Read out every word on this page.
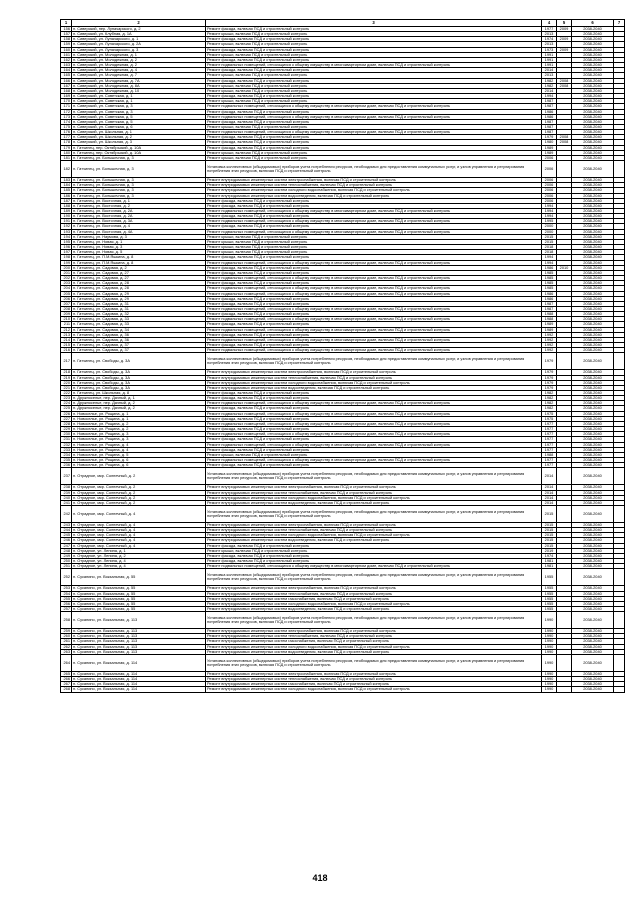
1	2	3	4	5	6	7
156	п. Сиверский, пер. Луначарского, д. 2	Ремонт фасада, включая ПСД и строительный контроль	1977	2009	2038-2040	
157	п. Сиверский, ул. Клубная, д. 1А	Ремонт крыши, включая ПСД и строительный контроль	2013		2038-2040	
158	п. Сиверский, ул. Луначарского, д. 1	Ремонт фасада, включая ПСД и строительный контроль	1974	2009	2038-2040	
159	п. Сиверский, ул. Луначарского, д. 2А	Ремонт крыши, включая ПСД и строительный контроль	2013		2038-2040	
160	п. Сиверский, ул. Луначарского, д. 3	Ремонт фасада, включая ПСД и строительный контроль	1973	2009	2038-2040	
161	п. Сиверский, ул. Молодежная, д. 1	Ремонт крыши, включая ПСД и строительный контроль	1991		2038-2040	
162	п. Сиверский, ул. Молодежная, д. 2	Ремонт фасада, включая ПСД и строительный контроль	1991		2038-2040	
163	п. Сиверский, ул. Молодежная, д. 2	Ремонт подвальных помещений, относящихся к общему имуществу в многоквартирном доме, включая ПСД и строительный контроль	1991		2038-2040	
164	п. Сиверский, ул. Молодежная, д. 4	Ремонт фасада, включая ПСД и строительный контроль	2014		2038-2040	
165	п. Сиверский, ул. Молодежная, д. 7	Ремонт крыши, включая ПСД и строительный контроль	2013		2038-2040	
166	п. Сиверский, ул. Молодежная, д. 7А	Ремонт фасада, включая ПСД и строительный контроль	1982	2008	2038-2040	
167	п. Сиверский, ул. Молодежная, д. 8А	Ремонт крыши, включая ПСД и строительный контроль	1982	2008	2038-2040	
168	п. Сиверский, ул. Молодежная, д. 10	Ремонт крыши, включая ПСД и строительный контроль	2014		2038-2040	
169	п. Сиверский, ул. Советская, д. 1	Ремонт фасада, включая ПСД и строительный контроль	1994		2038-2040	
170	п. Сиверский, ул. Советская, д. 1	Ремонт крыши, включая ПСД и строительный контроль	1987		2038-2040	
171	п. Сиверский, ул. Советская, д. 3	Ремонт подвальных помещений, относящихся к общему имуществу в многоквартирном доме, включая ПСД и строительный контроль	1987		2038-2040	
172	п. Сиверский, ул. Советская, д. 3	Ремонт фасада, включая ПСД и строительный контроль	1986		2038-2040	
173	п. Сиверский, ул. Советская, д. 5	Ремонт подвальных помещений, относящихся к общему имуществу в многоквартирном доме, включая ПСД и строительный контроль	1986		2038-2040	
174	п. Сиверский, ул. Советская, д. 5	Ремонт фасада, включая ПСД и строительный контроль	1987		2038-2040	
175	п. Сиверский, ул. Советская, д. 6	Ремонт крыши, включая ПСД и строительный контроль	1987		2038-2040	
176	п. Сиверский, ул. Школьная, д. 1	Ремонт подвальных помещений, относящихся к общему имуществу в многоквартирном доме, включая ПСД и строительный контроль	1987		2038-2040	
177	п. Сиверский, ул. Школьная, д. 2	Ремонт фасада, включая ПСД и строительный контроль	1979	2008	2038-2040	
178	п. Сиверский, ул. Школьная, д. 3	Ремонт фасада, включая ПСД и строительный контроль	1980	2008	2038-2040	
179	п. Гатчинец, пер. Октябрьский, д. 10А	Ремонт фасада, включая ПСД и строительный контроль	1989		2038-2040	
180	п. Гатчинец, пер. Октябрьский, д. 10А	Ремонт крыши, включая ПСД и строительный контроль	1989		2038-2040	
181	п. Гатчинец, ул. Большичная, д. 3	Ремонт крыши, включая ПСД и строительный контроль	2006		2038-2040	
182	п. Гатчинец, ул. Большичная, д. 3	Установка коллективных (общедомовых) приборов учета потребления ресурсов, необходимых для предоставления коммунальных услуг, и узлов управления и регулирования потребления этих ресурсов, включая ПСД и строительный контроль	2006		2038-2040	
183	п. Гатчинец, ул. Большичная, д. 3	Ремонт внутридомовых инженерных систем электроснабжения, включая ПСД и строительный контроль	2006		2038-2040	
184	п. Гатчинец, ул. Большичная, д. 3	Ремонт внутридомовых инженерных систем теплоснабжения, включая ПСД и строительный контроль	2006		2038-2040	
185	п. Гатчинец, ул. Большичная, д. 3	Ремонт внутридомовых инженерных систем холодного водоснабжения, включая ПСД и строительный контроль	2006		2038-2040	
186	п. Гатчинец, ул. Большичная, д. 3	Ремонт внутридомовых инженерных систем водоотведения, включая ПСД и строительный контроль	2006		2038-2040	
187	п. Гатчинец, ул. Восточная, д. 1	Ремонт фасада, включая ПСД и строительный контроль	2006		2038-2040	
188	п. Гатчинец, ул. Восточная, д. 2	Ремонт фасада, включая ПСД и строительный контроль	1994		2038-2040	
189	п. Гатчинец, ул. Восточная, д. 2А	Ремонт подвальных помещений, относящихся к общему имуществу в многоквартирном доме, включая ПСД и строительный контроль	1994		2038-2040	
190	п. Гатчинец, ул. Восточная, д. 2А	Ремонт фасада, включая ПСД и строительный контроль	1994		2038-2040	
191	п. Гатчинец, ул. Восточная, д. 3А	Ремонт подвальных помещений, относящихся к общему имуществу в многоквартирном доме, включая ПСД и строительный контроль	1995		2038-2040	
192	п. Гатчинец, ул. Восточная, д. 4	Ремонт фасада, включая ПСД и строительный контроль	2000		2038-2040	
193	п. Гатчинец, ул. Восточная, д. 4А	Ремонт подвальных помещений, относящихся к общему имуществу в многоквартирном доме, включая ПСД и строительный контроль	2000		2038-2040	
194	п. Гатчинец, ул. Наумова, д. 3	Ремонт крыши, включая ПСД и строительный контроль	2015		2038-2040	
195	п. Гатчинец, ул. Новая, д. 1	Ремонт крыши, включая ПСД и строительный контроль	2015		2038-2040	
196	п. Гатчинец, ул. Новая, д. 3	Ремонт крыши, включая ПСД и строительный контроль	2018		2038-2040	
197	п. Гатчинец, ул. Новая, д. 5	Ремонт крыши, включая ПСД и строительный контроль	2018		2038-2040	
198	п. Гатчинец, ул. П.М.Яшкина, д. 8	Ремонт фасада, включая ПСД и строительный контроль	1994		2038-2040	
199	п. Гатчинец, ул. П.М.Яшкина, д. 8	Ремонт подвальных помещений, относящихся к общему имуществу в многоквартирном доме, включая ПСД и строительный контроль	1994		2038-2040	
200	п. Гатчинец, ул. Садовая, д. 2	Ремонт фасада, включая ПСД и строительный контроль	1986	2010	2038-2040	
201	п. Гатчинец, ул. Садовая, д. 27	Ремонт фасада, включая ПСД и строительный контроль	1985		2038-2040	
202	п. Гатчинец, ул. Садовая, д. 27	Ремонт подвальных помещений, относящихся к общему имуществу в многоквартирном доме, включая ПСД и строительный контроль	1985		2038-2040	
203	п. Гатчинец, ул. Садовая, д. 28	Ремонт фасада, включая ПСД и строительный контроль	1985		2038-2040	
204	п. Гатчинец, ул. Садовая, д. 28	Ремонт подвальных помещений, относящихся к общему имуществу в многоквартирном доме, включая ПСД и строительный контроль	1985		2038-2040	
205	п. Гатчинец, ул. Садовая, д. 29	Ремонт подвальных помещений, относящихся к общему имуществу в многоквартирном доме, включая ПСД и строительный контроль	1986		2038-2040	
206	п. Гатчинец, ул. Садовая, д. 29	Ремонт фасада, включая ПСД и строительный контроль	1986		2038-2040	
207	п. Гатчинец, ул. Садовая, д. 31	Ремонт фасада, включая ПСД и строительный контроль	1987		2038-2040	
208	п. Гатчинец, ул. Садовая, д. 31	Ремонт подвальных помещений, относящихся к общему имуществу в многоквартирном доме, включая ПСД и строительный контроль	1987		2038-2040	
209	п. Гатчинец, ул. Садовая, д. 32	Ремонт фасада, включая ПСД и строительный контроль	1988		2038-2040	
210	п. Гатчинец, ул. Садовая, д. 33	Ремонт подвальных помещений, относящихся к общему имуществу в многоквартирном доме, включая ПСД и строительный контроль	1988		2038-2040	
211	п. Гатчинец, ул. Садовая, д. 33	Ремонт фасада, включая ПСД и строительный контроль	1989		2038-2040	
212	п. Гатчинец, ул. Садовая, д. 34	Ремонт подвальных помещений, относящихся к общему имуществу в многоквартирном доме, включая ПСД и строительный контроль	1989		2038-2040	
213	п. Гатчинец, ул. Садовая, д. 36	Ремонт фасада, включая ПСД и строительный контроль	1992		2038-2040	
214	п. Гатчинец, ул. Садовая, д. 36	Ремонт подвальных помещений, относящихся к общему имуществу в многоквартирном доме, включая ПСД и строительный контроль	1992		2038-2040	
215	п. Гатчинец, ул. Садовая, д. 37	Ремонт фасада, включая ПСД и строительный контроль	1992		2038-2040	
216	п. Гатчинец, ул. Садовая, д. 37	Ремонт подвальных помещений, относящихся к общему имуществу в многоквартирном доме, включая ПСД и строительный контроль	1992		2038-2040	
217	п. Гатчинец, ул. Свободы, д. 3А	Установка коллективных (общедомовых) приборов учета потребления ресурсов, необходимых для предоставления коммунальных услуг, и узлов управления и регулирования потребления этих ресурсов, включая ПСД и строительный контроль	1979		2038-2040	
218	п. Гатчинец, ул. Свободы, д. 3А	Ремонт внутридомовых инженерных систем электроснабжения, включая ПСД и строительный контроль	1979		2038-2040	
219	п. Гатчинец, ул. Свободы, д. 3А	Ремонт внутридомовых инженерных систем теплоснабжения, включая ПСД и строительный контроль	1979		2038-2040	
220	п. Гатчинец, ул. Свободы, д. 3А	Ремонт внутридомовых инженерных систем холодного водоснабжения, включая ПСД и строительный контроль	1979		2038-2040	
221	п. Гатчинец, ул. Свободы, д. 3А	Ремонт внутридомовых инженерных систем водоотведения, включая ПСД и строительный контроль	1979		2038-2040	
222	п. Гатчинец, ул. Школьная, д. 8	Ремонт фасада, включая ПСД и строительный контроль	1982		2038-2040	
223	п. Дружноселье, пер. Дачный, д. 1	Ремонт фасада, включая ПСД и строительный контроль	1982		2038-2040	
224	п. Дружноселье, пер. Дачный, д. 2	Ремонт подвальных помещений, относящихся к общему имуществу в многоквартирном доме, включая ПСД и строительный контроль	1982		2038-2040	
225	п. Дружноселье, пер. Дачный, д. 2	Ремонт фасада, включая ПСД и строительный контроль	1982		2038-2040	
226	п. Новоселье, ул. Рощина, д. 1	Ремонт подвальных помещений, относящихся к общему имуществу в многоквартирном доме, включая ПСД и строительный контроль	1975		2038-2040	
227	п. Новоселье, ул. Рощина, д. 1	Ремонт фасада, включая ПСД и строительный контроль	1975		2038-2040	
228	п. Новоселье, ул. Рощина, д. 2	Ремонт подвальных помещений, относящихся к общему имуществу в многоквартирном доме, включая ПСД и строительный контроль	1977		2038-2040	
229	п. Новоселье, ул. Рощина, д. 2	Ремонт фасада, включая ПСД и строительный контроль	1977		2038-2040	
230	п. Новоселье, ул. Рощина, д. 3	Ремонт подвальных помещений, относящихся к общему имуществу в многоквартирном доме, включая ПСД и строительный контроль	1977		2038-2040	
231	п. Новоселье, ул. Рощина, д. 3	Ремонт фасада, включая ПСД и строительный контроль	1977		2038-2040	
232	п. Новоселье, ул. Рощина, д. 4	Ремонт подвальных помещений, относящихся к общему имуществу в многоквартирном доме, включая ПСД и строительный контроль	1977		2038-2040	
233	п. Новоселье, ул. Рощина, д. 4	Ремонт фасада, включая ПСД и строительный контроль	1977		2038-2040	
234	п. Новоселье, ул. Рощина, д. 5	Ремонт крыши, включая ПСД и строительный контроль	1988		2038-2040	
235	п. Новоселье, ул. Рощина, д. 6	Ремонт подвальных помещений, относящихся к общему имуществу в многоквартирном доме, включая ПСД и строительный контроль	1977		2038-2040	
236	п. Новоселье, ул. Рощина, д. 6	Ремонт фасада, включая ПСД и строительный контроль	1977		2038-2040	
237	п. Отрадное, мкр. Солнечный, д. 2	Установка коллективных (общедомовых) приборов учета потребления ресурсов, необходимых для предоставления коммунальных услуг, и узлов управления и регулирования потребления этих ресурсов, включая ПСД и строительный контроль	2014		2038-2040	
238	п. Отрадное, мкр. Солнечный, д. 2	Ремонт внутридомовых инженерных систем электроснабжения, включая ПСД и строительный контроль	2014		2038-2040	
239	п. Отрадное, мкр. Солнечный, д. 2	Ремонт внутридомовых инженерных систем теплоснабжения, включая ПСД и строительный контроль	2014		2038-2040	
240	п. Отрадное, мкр. Солнечный, д. 2	Ремонт внутридомовых инженерных систем холодного водоснабжения, включая ПСД и строительный контроль	2014		2038-2040	
241	п. Отрадное, мкр. Солнечный, д. 2	Ремонт внутридомовых инженерных систем водоотведения, включая ПСД и строительный контроль	2014		2038-2040	
242	п. Отрадное, мкр. Солнечный, д. 4	Установка коллективных (общедомовых) приборов учета потребления ресурсов, необходимых для предоставления коммунальных услуг, и узлов управления и регулирования потребления этих ресурсов, включая ПСД и строительный контроль	2015		2038-2040	
243	п. Отрадное, мкр. Солнечный, д. 4	Ремонт внутридомовых инженерных систем электроснабжения, включая ПСД и строительный контроль	2015		2038-2040	
244	п. Отрадное, мкр. Солнечный, д. 4	Ремонт внутридомовых инженерных систем теплоснабжения, включая ПСД и строительный контроль	2015		2038-2040	
245	п. Отрадное, мкр. Солнечный, д. 4	Ремонт внутридомовых инженерных систем холодного водоснабжения, включая ПСД и строительный контроль	2015		2038-2040	
246	п. Отрадное, мкр. Солнечный, д. 4	Ремонт внутридомовых инженерных систем водоотведения, включая ПСД и строительный контроль	2015		2038-2040	
247	п. Отрадное, мкр. Солнечный, д. 4	Ремонт фасада, включая ПСД и строительный контроль	2015		2038-2040	
248	п. Отрадное, ул. Ленина, д. 1	Ремонт крыши, включая ПСД и строительный контроль	2019		2038-2040	
249	п. Отрадное, ул. Ленина, д. 2	Ремонт фасада, включая ПСД и строительный контроль	1974		2038-2040	
250	п. Отрадное, ул. Ленина, д. 4	Ремонт фасада, включая ПСД и строительный контроль	1981		2038-2040	
251	п. Отрадное, ул. Ленина, д. 4	Ремонт подвальных помещений, относящихся к общему имуществу в многоквартирном доме, включая ПСД и строительный контроль	1981		2038-2040	
252	п. Сусанино, ул. Вокзальная, д. 55	Установка коллективных (общедомовых) приборов учета потребления ресурсов, необходимых для предоставления коммунальных услуг, и узлов управления и регулирования потребления этих ресурсов, включая ПСД и строительный контроль	1955		2038-2040	
253	п. Сусанино, ул. Вокзальная, д. 55	Ремонт внутридомовых инженерных систем электроснабжения, включая ПСД и строительный контроль	1955		2038-2040	
254	п. Сусанино, ул. Вокзальная, д. 55	Ремонт внутридомовых инженерных систем теплоснабжения, включая ПСД и строительный контроль	1955		2038-2040	
255	п. Сусанино, ул. Вокзальная, д. 55	Ремонт внутридомовых инженерных систем газоснабжения, включая ПСД и строительный контроль	1955		2038-2040	
256	п. Сусанино, ул. Вокзальная, д. 55	Ремонт внутридомовых инженерных систем холодного водоснабжения, включая ПСД и строительный контроль	1955		2038-2040	
257	п. Сусанино, ул. Вокзальная, д. 55	Ремонт внутридомовых инженерных систем водоотведения, включая ПСД и строительный контроль	1955		2038-2040	
258	п. Сусанино, ул. Вокзальная, д. 113	Установка коллективных (общедомовых) приборов учета потребления ресурсов, необходимых для предоставления коммунальных услуг, и узлов управления и регулирования потребления этих ресурсов, включая ПСД и строительный контроль	1990		2038-2040	
259	п. Сусанино, ул. Вокзальная, д. 113	Ремонт внутридомовых инженерных систем электроснабжения, включая ПСД и строительный контроль	1990		2038-2040	
260	п. Сусанино, ул. Вокзальная, д. 113	Ремонт внутридомовых инженерных систем теплоснабжения, включая ПСД и строительный контроль	1990		2038-2040	
261	п. Сусанино, ул. Вокзальная, д. 113	Ремонт внутридомовых инженерных систем газоснабжения, включая ПСД и строительный контроль	1990		2038-2040	
262	п. Сусанино, ул. Вокзальная, д. 113	Ремонт внутридомовых инженерных систем холодного водоснабжения, включая ПСД и строительный контроль	1990		2038-2040	
263	п. Сусанино, ул. Вокзальная, д. 113	Ремонт внутридомовых инженерных систем водоотведения, включая ПСД и строительный контроль	1990		2038-2040	
264	п. Сусанино, ул. Вокзальная, д. 114	Установка коллективных (общедомовых) приборов учета потребления ресурсов, необходимых для предоставления коммунальных услуг, и узлов управления и регулирования потребления этих ресурсов, включая ПСД и строительный контроль	1990		2038-2040	
265	п. Сусанино, ул. Вокзальная, д. 114	Ремонт внутридомовых инженерных систем электроснабжения, включая ПСД и строительный контроль	1990		2038-2040	
266	п. Сусанино, ул. Вокзальная, д. 114	Ремонт внутридомовых инженерных систем теплоснабжения, включая ПСД и строительный контроль	1990		2038-2040	
267	п. Сусанино, ул. Вокзальная, д. 114	Ремонт внутридомовых инженерных систем газоснабжения, включая ПСД и строительный контроль	1990		2038-2040	
268	п. Сусанино, ул. Вокзальная, д. 114	Ремонт внутридомовых инженерных систем холодного водоснабжения, включая ПСД и строительный контроль	1990		2038-2040	
418
